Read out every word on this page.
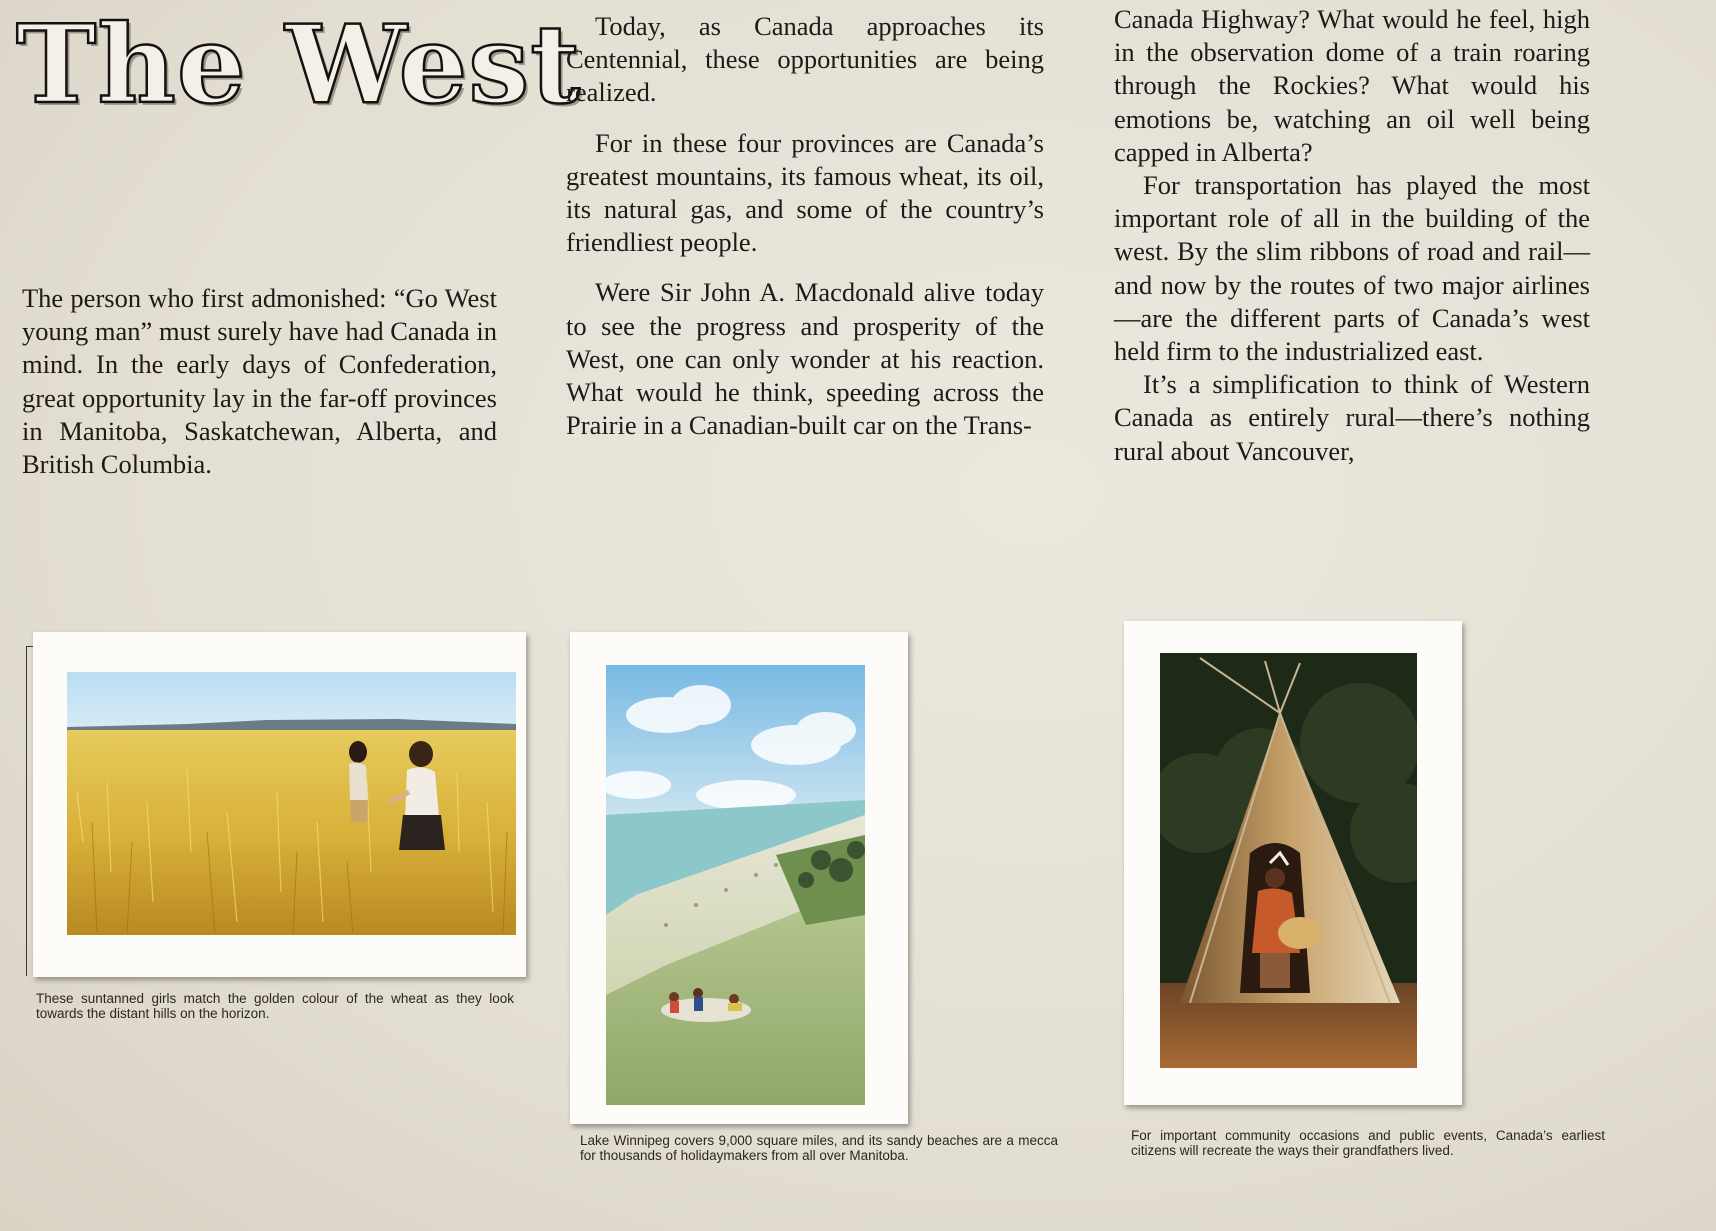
The West

The person who first admonished: “Go West young man” must surely have had Canada in mind. In the early days of Confederation, great opportunity lay in the far-off provinces in Manitoba, Saskatchewan, Alberta, and British Columbia.

Today, as Canada approaches its Centennial, these opportunities are being realized.

For in these four provinces are Canada’s greatest mountains, its famous wheat, its oil, its natural gas, and some of the country’s friendliest people.

Were Sir John A. Macdonald alive today to see the progress and prosperity of the West, one can only wonder at his reaction. What would he think, speeding across the Prairie in a Canadian-built car on the Trans-

Canada Highway? What would he feel, high in the observation dome of a train roaring through the Rockies? What would his emotions be, watching an oil well being capped in Alberta?

For transportation has played the most important role of all in the building of the west. By the slim ribbons of road and rail—and now by the routes of two major airlines—are the different parts of Canada’s west held firm to the industrialized east.

It’s a simplification to think of Western Canada as entirely rural—there’s nothing rural about Vancouver,

These suntanned girls match the golden colour of the wheat as they look towards the distant hills on the horizon.

Lake Winnipeg covers 9,000 square miles, and its sandy beaches are a mecca for thousands of holidaymakers from all over Manitoba.

For important community occasions and public events, Canada’s earliest citizens will recreate the ways their grandfathers lived.
